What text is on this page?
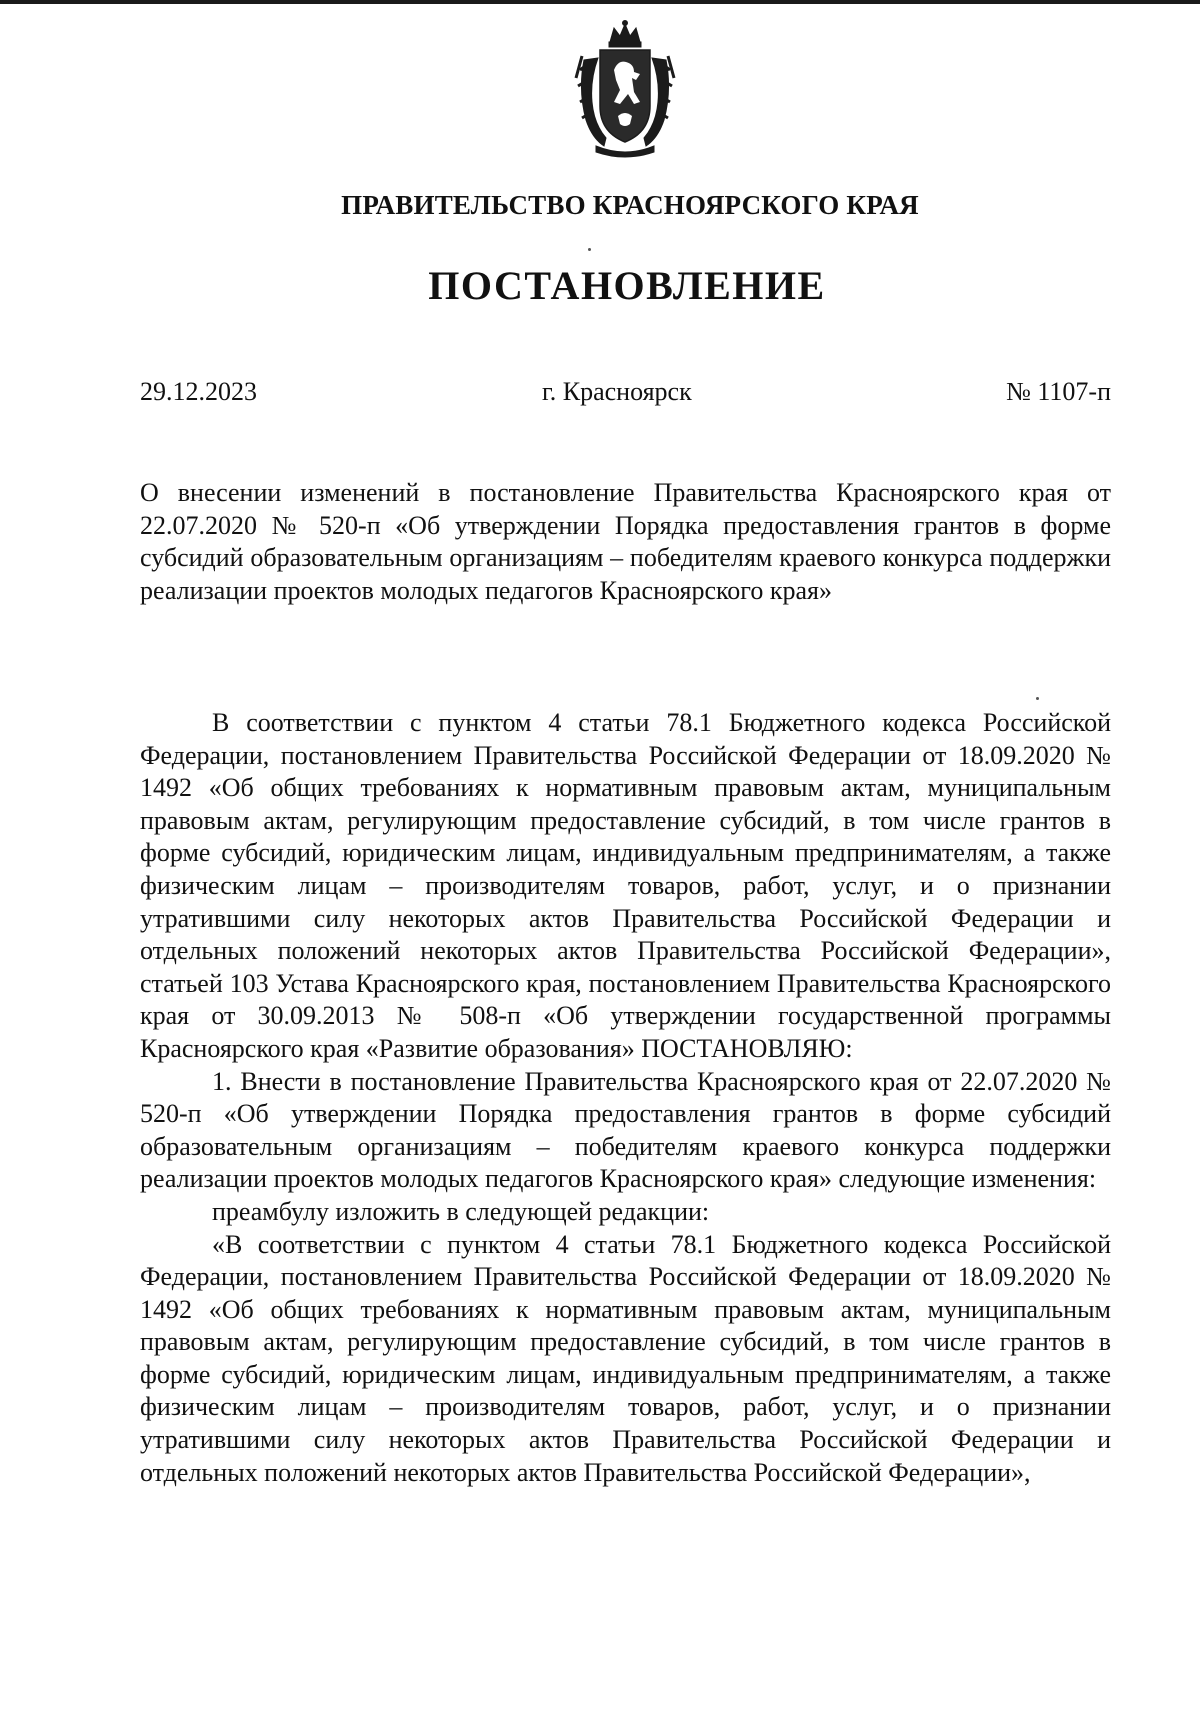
ПРАВИТЕЛЬСТВО КРАСНОЯРСКОГО КРАЯ
ПОСТАНОВЛЕНИЕ
29.12.2023	г. Красноярск	№ 1107-п

О внесении изменений в постановление Правительства Красноярского края от 22.07.2020 № 520-п «Об утверждении Порядка предоставления грантов в форме субсидий образовательным организациям – победителям краевого конкурса поддержки реализации проектов молодых педагогов Красноярского края»

В соответствии с пунктом 4 статьи 78.1 Бюджетного кодекса Российской Федерации, постановлением Правительства Российской Федерации от 18.09.2020 № 1492 «Об общих требованиях к нормативным правовым актам, муниципальным правовым актам, регулирующим предоставление субсидий, в том числе грантов в форме субсидий, юридическим лицам, индивидуальным предпринимателям, а также физическим лицам – производителям товаров, работ, услуг, и о признании утратившими силу некоторых актов Правительства Российской Федерации и отдельных положений некоторых актов Правительства Российской Федерации», статьей 103 Устава Красноярского края, постановлением Правительства Красноярского края от 30.09.2013 № 508-п «Об утверждении государственной программы Красноярского края «Развитие образования» ПОСТАНОВЛЯЮ:

1. Внести в постановление Правительства Красноярского края от 22.07.2020 № 520-п «Об утверждении Порядка предоставления грантов в форме субсидий образовательным организациям – победителям краевого конкурса поддержки реализации проектов молодых педагогов Красноярского края» следующие изменения:

преамбулу изложить в следующей редакции:

«В соответствии с пунктом 4 статьи 78.1 Бюджетного кодекса Российской Федерации, постановлением Правительства Российской Федерации от 18.09.2020 № 1492 «Об общих требованиях к нормативным правовым актам, муниципальным правовым актам, регулирующим предоставление субсидий, в том числе грантов в форме субсидий, юридическим лицам, индивидуальным предпринимателям, а также физическим лицам – производителям товаров, работ, услуг, и о признании утратившими силу некоторых актов Правительства Российской Федерации и отдельных положений некоторых актов Правительства Российской Федерации»,
